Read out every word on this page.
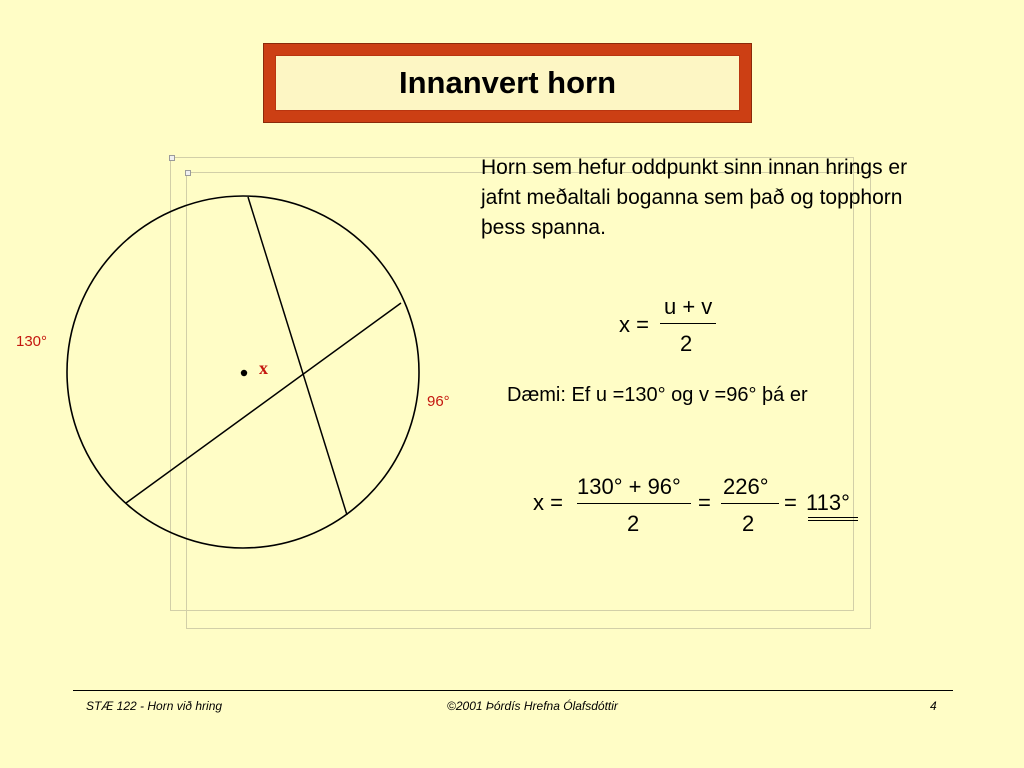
Innanvert horn
130°
96°
x

Horn sem hefur oddpunkt sinn innan hrings er jafnt meðaltali boganna sem það og topphorn þess spanna.

x =
u + v
2
Dæmi: Ef u =130° og v =96° þá er
x =
130° + 96°
2
=
226°
2
= 113°
STÆ 122 - Horn við hring	©2001 Þórdís Hrefna Ólafsdóttir	4
